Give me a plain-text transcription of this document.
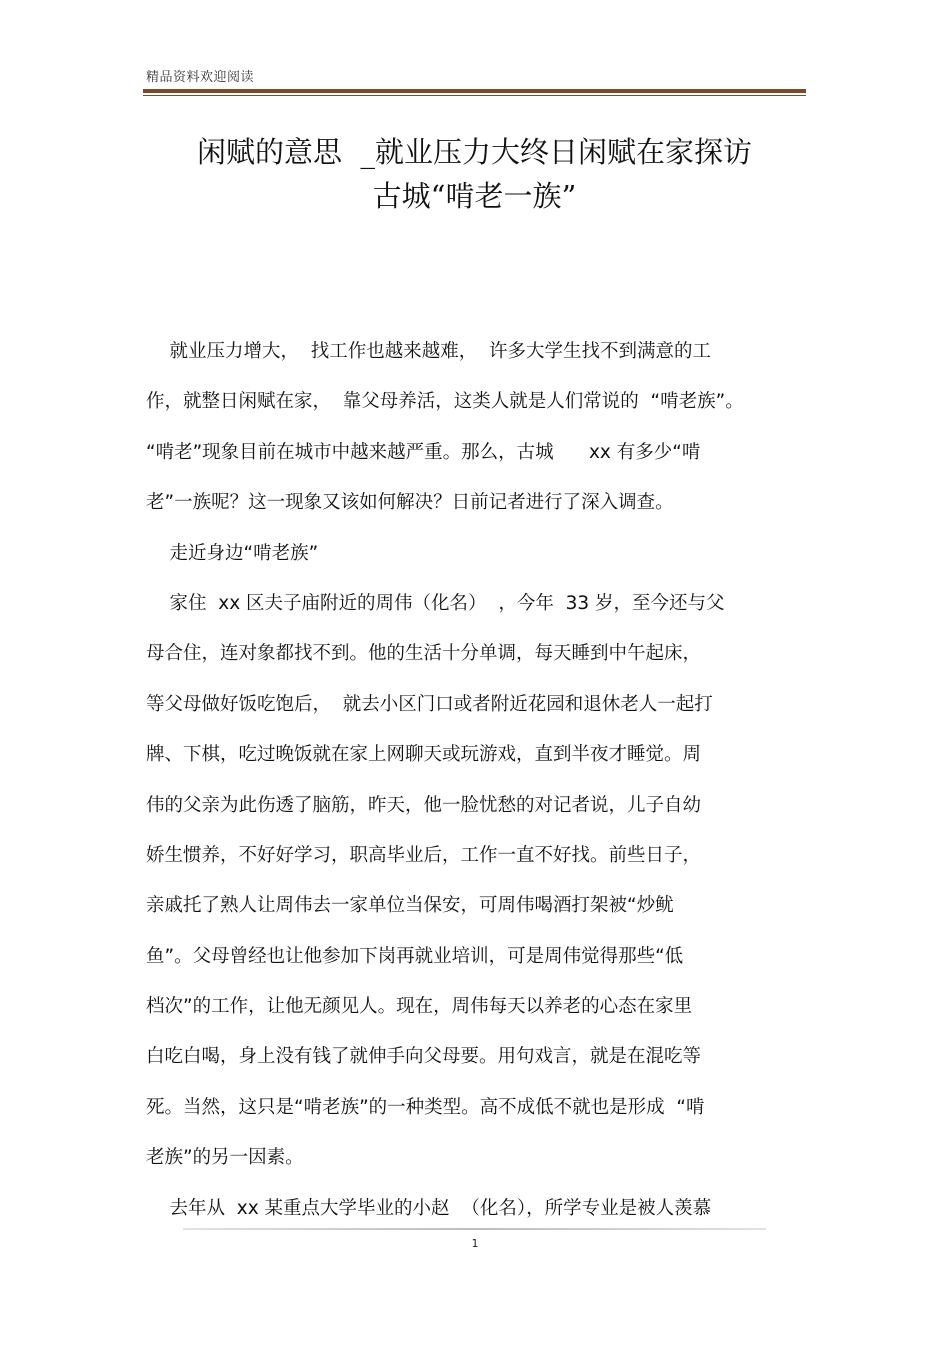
精品资料欢迎阅读
闲赋的意思  _就业压力大终日闲赋在家探访
古城“啃老一族”
就业压力增大，  找工作也越来越难，  许多大学生找不到满意的工
作，就整日闲赋在家，  靠父母养活，这类人就是人们常说的  “啃老族”。
“啃老”现象目前在城市中越来越严重。那么，古城      xx 有多少“啃
老”一族呢？这一现象又该如何解决？日前记者进行了深入调查。
走近身边“啃老族”
家住  xx 区夫子庙附近的周伟（化名）  ，今年  33 岁，至今还与父
母合住，连对象都找不到。他的生活十分单调，每天睡到中午起床，
等父母做好饭吃饱后，  就去小区门口或者附近花园和退休老人一起打
牌、下棋，吃过晚饭就在家上网聊天或玩游戏，直到半夜才睡觉。周
伟的父亲为此伤透了脑筋，昨天，他一脸忧愁的对记者说，儿子自幼
娇生惯养，不好好学习，职高毕业后，工作一直不好找。前些日子，
亲戚托了熟人让周伟去一家单位当保安，可周伟喝酒打架被“炒鱿
鱼”。父母曾经也让他参加下岗再就业培训，可是周伟觉得那些“低
档次”的工作，让他无颜见人。现在，周伟每天以养老的心态在家里
白吃白喝，身上没有钱了就伸手向父母要。用句戏言，就是在混吃等
死。当然，这只是“啃老族”的一种类型。高不成低不就也是形成  “啃
老族”的另一因素。
去年从  xx 某重点大学毕业的小赵  （化名），所学专业是被人羡慕
1
